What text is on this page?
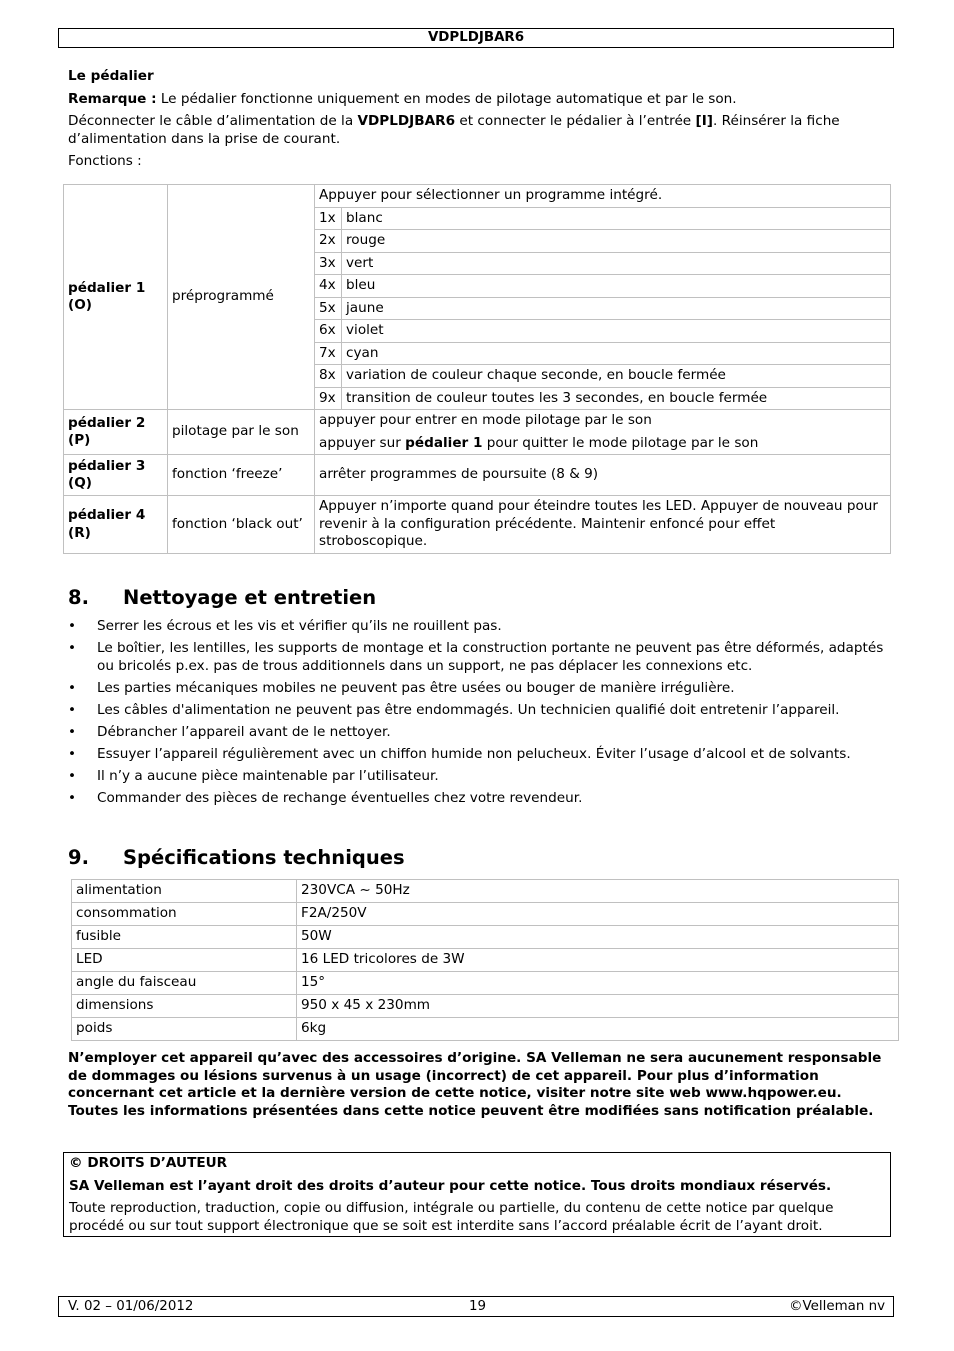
VDPLDJBAR6

Le pédalier

Remarque : Le pédalier fonctionne uniquement en modes de pilotage automatique et par le son.

Déconnecter le câble d’alimentation de la VDPLDJBAR6 et connecter le pédalier à l’entrée [I]. Réinsérer la fiche d’alimentation dans la prise de courant.

Fonctions :

pédalier 1
(O)	préprogrammé	Appuyer pour sélectionner un programme intégré.	
		1x	blanc
		2x	rouge
		3x	vert
		4x	bleu
		5x	jaune
		6x	violet
		7x	cyan
		8x	variation de couleur chaque seconde, en boucle fermée
		9x	transition de couleur toutes les 3 secondes, en boucle fermée
pédalier 2
(P)	pilotage par le son	appuyer pour entrer en mode pilotage par le son
appuyer sur pédalier 1 pour quitter le mode pilotage par le son	
pédalier 3
(Q)	fonction ‘freeze’	arrêter programmes de poursuite (8 & 9)	
pédalier 4
(R)	fonction ‘black out’	Appuyer n’importe quand pour éteindre toutes les LED. Appuyer de nouveau pour revenir à la configuration précédente. Maintenir enfoncé pour effet stroboscopique.	
8. Nettoyage et entretien
• Serrer les écrous et les vis et vérifier qu’ils ne rouillent pas.
• Le boîtier, les lentilles, les supports de montage et la construction portante ne peuvent pas être déformés, adaptés ou bricolés p.ex. pas de trous additionnels dans un support, ne pas déplacer les connexions etc.
• Les parties mécaniques mobiles ne peuvent pas être usées ou bouger de manière irrégulière.
• Les câbles d'alimentation ne peuvent pas être endommagés. Un technicien qualifié doit entretenir l’appareil.
• Débrancher l’appareil avant de le nettoyer.
• Essuyer l’appareil régulièrement avec un chiffon humide non pelucheux. Éviter l’usage d’alcool et de solvants.
• Il n’y a aucune pièce maintenable par l’utilisateur.
• Commander des pièces de rechange éventuelles chez votre revendeur.
9. Spécifications techniques
alimentation	230VCA ~ 50Hz
consommation	F2A/250V
fusible	50W
LED	16 LED tricolores de 3W
angle du faisceau	15°
dimensions	950 x 45 x 230mm
poids	6kg

N’employer cet appareil qu’avec des accessoires d’origine. SA Velleman ne sera aucunement responsable de dommages ou lésions survenus à un usage (incorrect) de cet appareil. Pour plus d’information concernant cet article et la dernière version de cette notice, visiter notre site web www.hqpower.eu. Toutes les informations présentées dans cette notice peuvent être modifiées sans notification préalable.

© DROITS D’AUTEUR

SA Velleman est l’ayant droit des droits d’auteur pour cette notice. Tous droits mondiaux réservés.

Toute reproduction, traduction, copie ou diffusion, intégrale ou partielle, du contenu de cette notice par quelque procédé ou sur tout support électronique que se soit est interdite sans l’accord préalable écrit de l’ayant droit.

V. 02 – 01/06/2012	19	©Velleman nv
